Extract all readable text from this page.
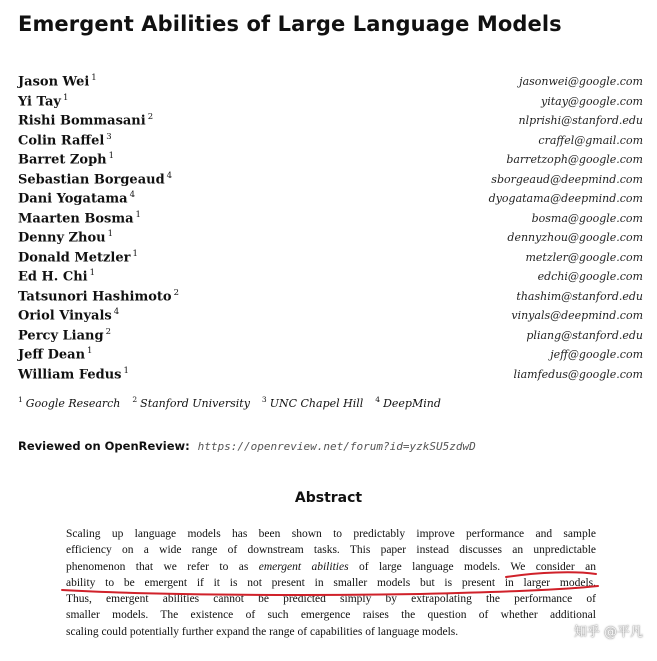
Emergent Abilities of Large Language Models
Jason Wei $^1$	jasonwei@google.com
Yi Tay $^1$	yitay@google.com
Rishi Bommasani $^2$	nlprishi@stanford.edu
Colin Raffel $^3$	craffel@gmail.com
Barret Zoph $^1$	barretzoph@google.com
Sebastian Borgeaud $^4$	sborgeaud@deepmind.com
Dani Yogatama $^4$	dyogatama@deepmind.com
Maarten Bosma $^1$	bosma@google.com
Denny Zhou $^1$	dennyzhou@google.com
Donald Metzler $^1$	metzler@google.com
Ed H. Chi $^1$	edchi@google.com
Tatsunori Hashimoto $^2$	thashim@stanford.edu
Oriol Vinyals $^4$	vinyals@deepmind.com
Percy Liang $^2$	pliang@stanford.edu
Jeff Dean $^1$	jeff@google.com
William Fedus $^1$	liamfedus@google.com
$^1$ Google Research $^2$ Stanford University $^3$ UNC Chapel Hill $^4$ DeepMind
Reviewed on OpenReview: https://openreview.net/forum?id=yzkSU5zdwD
Abstract
Scaling up language models has been shown to predictably improve performance and sample
efficiency on a wide range of downstream tasks. This paper instead discusses an unpredictable
phenomenon that we refer to as emergent abilities of large language models. We consider an
ability to be emergent if it is not present in smaller models but is present in larger models.
Thus, emergent abilities cannot be predicted simply by extrapolating the performance of
smaller models. The existence of such emergence raises the question of whether additional
scaling could potentially further expand the range of capabilities of language models.	知乎 @平凡
